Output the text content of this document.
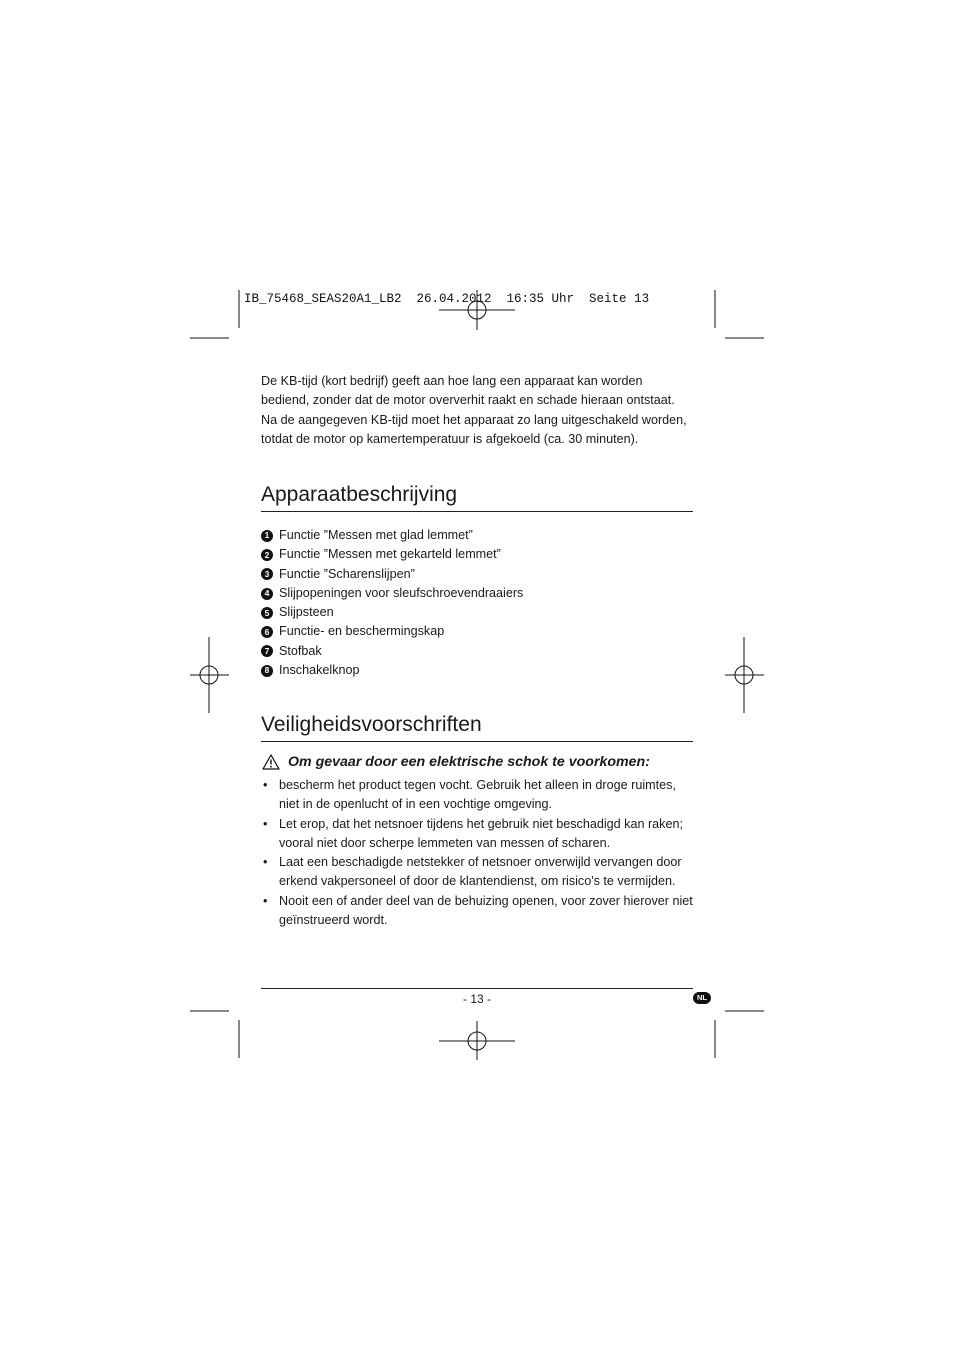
IB_75468_SEAS20A1_LB2  26.04.2012  16:35 Uhr  Seite 13

De KB-tijd (kort bedrijf) geeft aan hoe lang een apparaat kan worden bediend, zonder dat de motor oververhit raakt en schade hieraan ontstaat. Na de aangegeven KB-tijd moet het apparaat zo lang uitgeschakeld worden, totdat de motor op kamertemperatuur is afgekoeld (ca. 30 minuten).

Apparaatbeschrijving
1 Functie ”Messen met glad lemmet”
2 Functie ”Messen met gekarteld lemmet”
3 Functie ”Scharenslijpen”
4 Slijpopeningen voor sleufschroevendraaiers
5 Slijpsteen
6 Functie- en beschermingskap
7 Stofbak
8 Inschakelknop
Veiligheidsvoorschriften

Om gevaar door een elektrische schok te voorkomen:

• bescherm het product tegen vocht. Gebruik het alleen in droge ruimtes, niet in de openlucht of in een vochtige omgeving.
• Let erop, dat het netsnoer tijdens het gebruik niet beschadigd kan raken; vooral niet door scherpe lemmeten van messen of scharen.
• Laat een beschadigde netstekker of netsnoer onverwijld vervangen door erkend vakpersoneel of door de klantendienst, om risico's te vermijden.
• Nooit een of ander deel van de behuizing openen, voor zover hierover niet geïnstrueerd wordt.
- 13 -	NL
